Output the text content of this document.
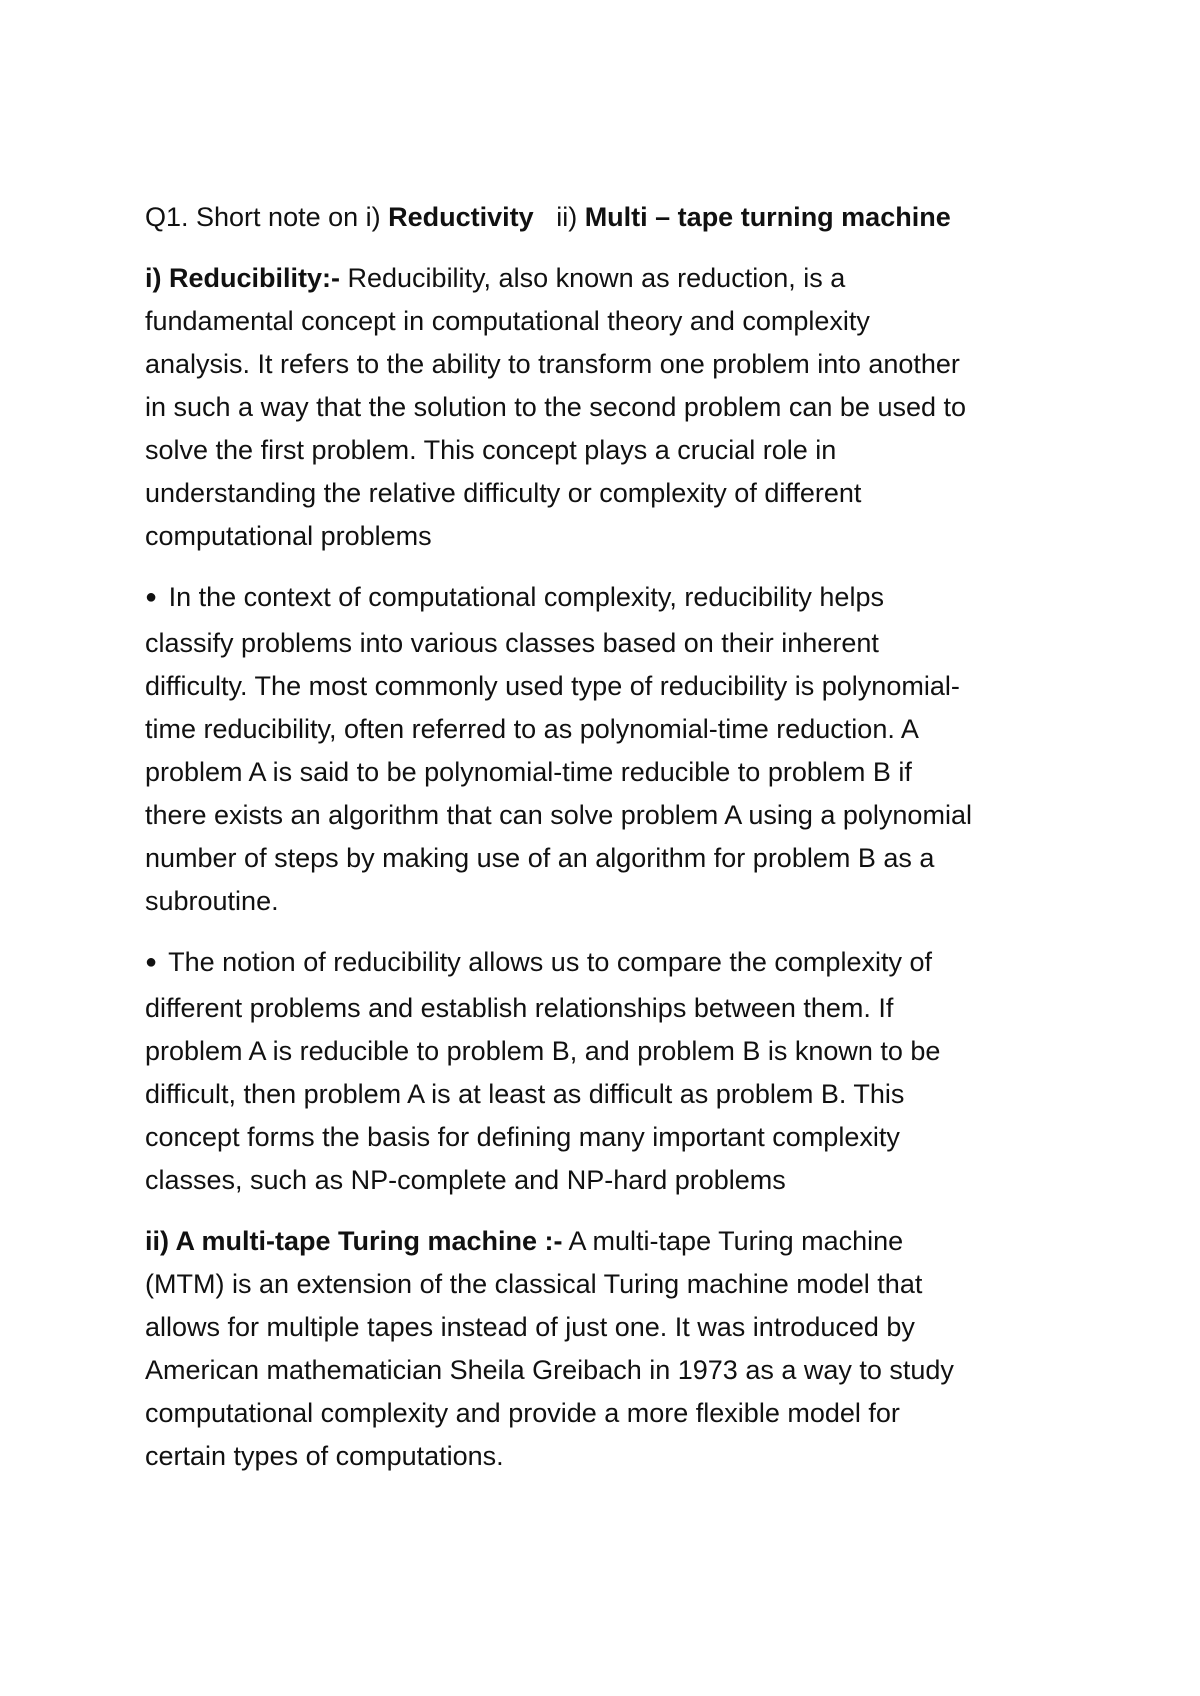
Q1. Short note on i) Reductivity   ii) Multi – tape turning machine

i) Reducibility:- Reducibility, also known as reduction, is a

fundamental concept in computational theory and complexity

analysis. It refers to the ability to transform one problem into another

in such a way that the solution to the second problem can be used to

solve the first problem. This concept plays a crucial role in

understanding the relative difficulty or complexity of different

computational problems

● In the context of computational complexity, reducibility helps

classify problems into various classes based on their inherent

difficulty. The most commonly used type of reducibility is polynomial-

time reducibility, often referred to as polynomial-time reduction. A

problem A is said to be polynomial-time reducible to problem B if

there exists an algorithm that can solve problem A using a polynomial

number of steps by making use of an algorithm for problem B as a

subroutine.

● The notion of reducibility allows us to compare the complexity of

different problems and establish relationships between them. If

problem A is reducible to problem B, and problem B is known to be

difficult, then problem A is at least as difficult as problem B. This

concept forms the basis for defining many important complexity

classes, such as NP-complete and NP-hard problems

ii) A multi-tape Turing machine :- A multi-tape Turing machine

(MTM) is an extension of the classical Turing machine model that

allows for multiple tapes instead of just one. It was introduced by

American mathematician Sheila Greibach in 1973 as a way to study

computational complexity and provide a more flexible model for

certain types of computations.
